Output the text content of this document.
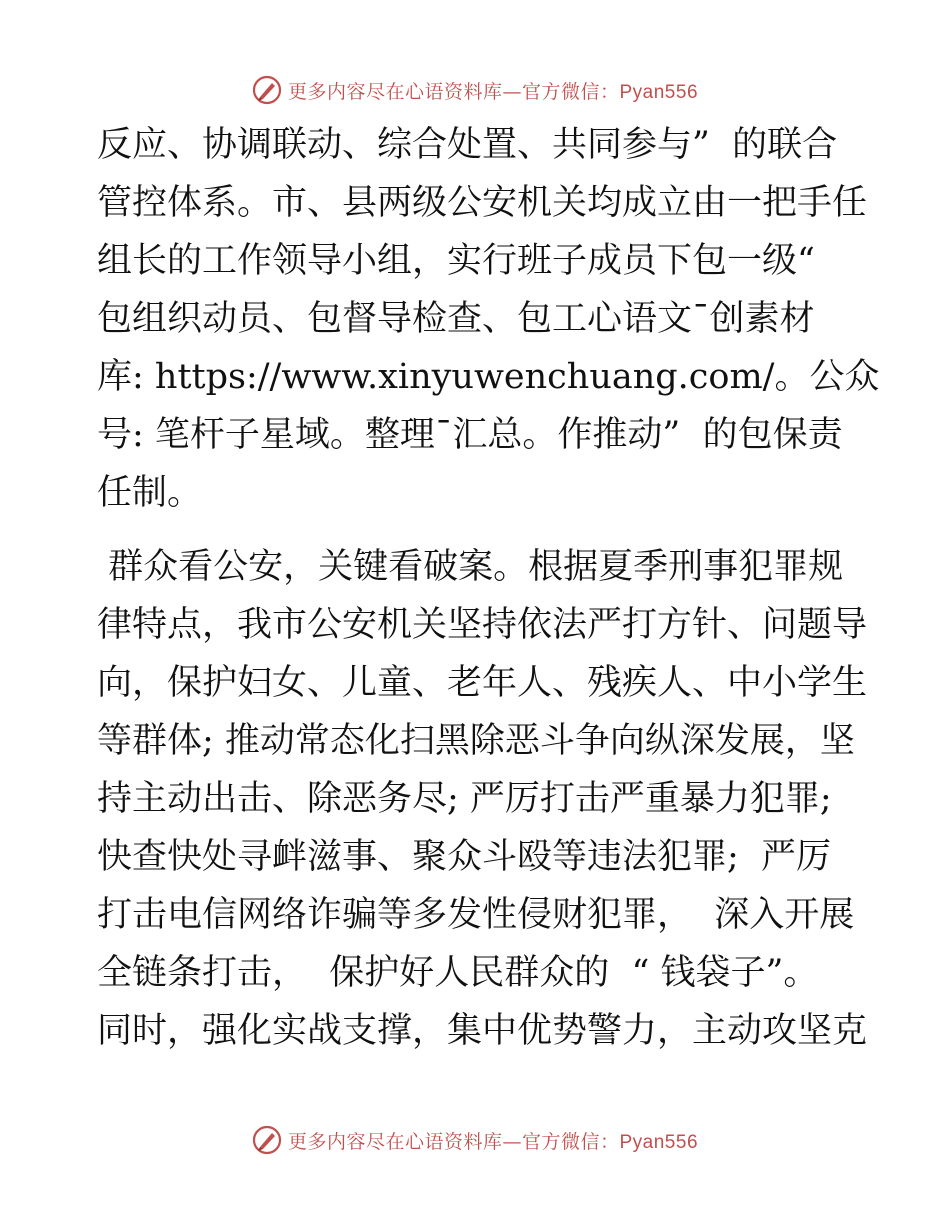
更多内容尽在心语资料库—官方微信：Pyan556

反应、协调联动、综合处置、共同参与”  的联合
管控体系。市、县两级公安机关均成立由一把手任
组长的工作领导小组，实行班子成员下包一级“
包组织动员、包督导检查、包工心语文¯创素材
库: https://www.xinyuwenchuang.com/。公众
号: 笔杆子星域。整理¯汇总。作推动”  的包保责
任制。

群众看公安，关键看破案。根据夏季刑事犯罪规
律特点，我市公安机关坚持依法严打方针、问题导
向，保护妇女、儿童、老年人、残疾人、中小学生
等群体; 推动常态化扫黑除恶斗争向纵深发展，坚
持主动出击、除恶务尽; 严厉打击严重暴力犯罪;
快查快处寻衅滋事、聚众斗殴等违法犯罪;  严厉
打击电信网络诈骗等多发性侵财犯罪，  深入开展
全链条打击，  保护好人民群众的  “ 钱袋子”。
同时，强化实战支撑，集中优势警力，主动攻坚克

更多内容尽在心语资料库—官方微信：Pyan556
